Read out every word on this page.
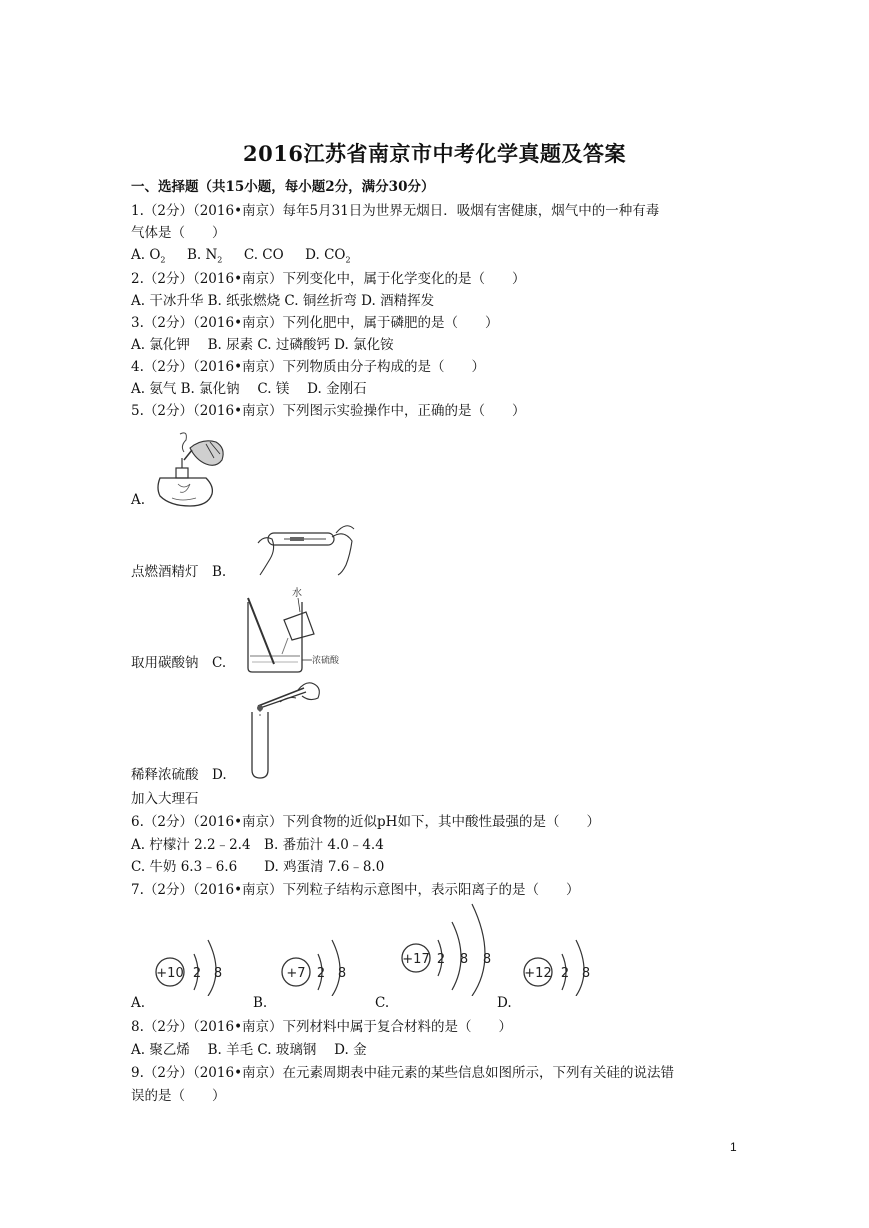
2016江苏省南京市中考化学真题及答案
一、选择题（共15小题，每小题2分，满分30分）
1.（2分）（2016•南京）每年5月31日为世界无烟日．吸烟有害健康，烟气中的一种有毒
气体是（　　）
A. $O_2$ B. $N_2$ C. CO D. $CO_2$
2.（2分）（2016•南京）下列变化中，属于化学变化的是（　　）
A. 干冰升华 B. 纸张燃烧 C. 铜丝折弯 D. 酒精挥发
3.（2分）（2016•南京）下列化肥中，属于磷肥的是（　　）
A. 氯化钾　 B. 尿素 C. 过磷酸钙 D. 氯化铵
4.（2分）（2016•南京）下列物质由分子构成的是（　　）
A. 氨气 B. 氯化钠　 C. 镁　 D. 金刚石
5.（2分）（2016•南京）下列图示实验操作中，正确的是（　　）
A.
点燃酒精灯　B.
水
浓硫酸
取用碳酸钠　C.
稀释浓硫酸　D.
加入大理石
6.（2分）（2016•南京）下列食物的近似pH如下，其中酸性最强的是（　　）
A. 柠檬汁 2.2﹣2.4　B. 番茄汁 4.0﹣4.4
C. 牛奶 6.3﹣6.6　　D. 鸡蛋清 7.6﹣8.0
7.（2分）（2016•南京）下列粒子结构示意图中，表示阳离子的是（　　）
+10 2 8	+7 2 8
+17 2 8 8
+12 2 8
A.	B.	C.	D.
8.（2分）（2016•南京）下列材料中属于复合材料的是（　　）
A. 聚乙烯　 B. 羊毛 C. 玻璃钢　 D. 金
9.（2分）（2016•南京）在元素周期表中硅元素的某些信息如图所示，下列有关硅的说法错
误的是（　　）
1
